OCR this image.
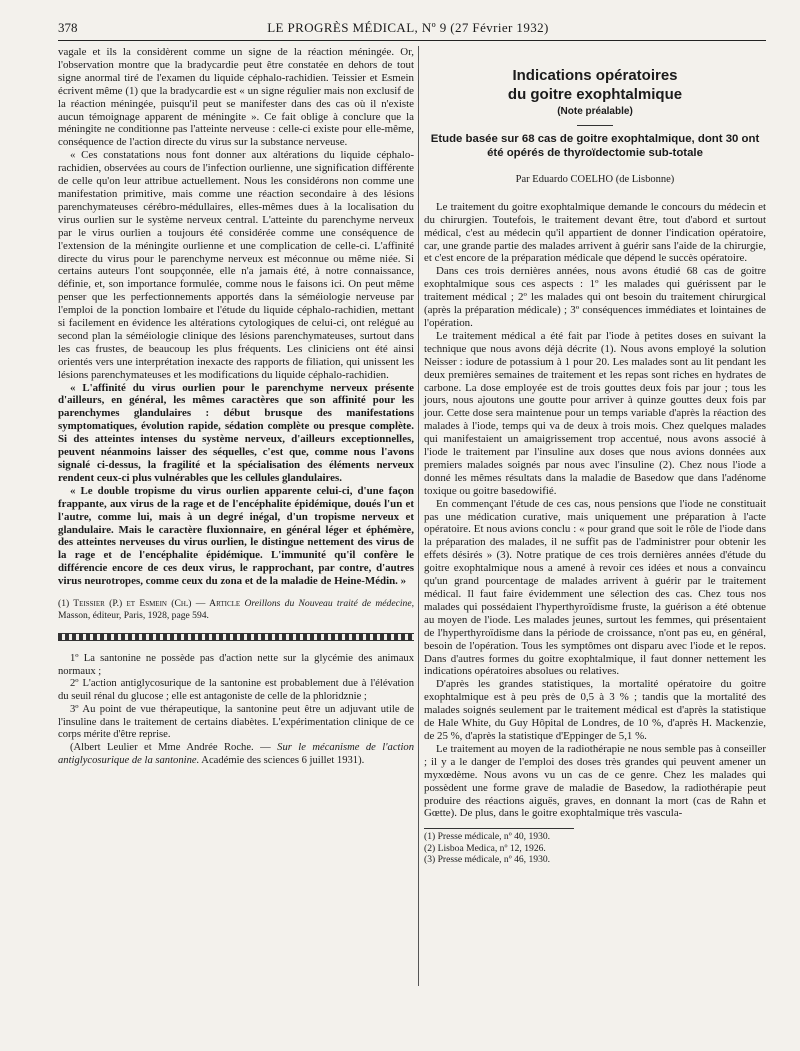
378	LE PROGRÈS MÉDICAL, Nº 9 (27 Février 1932)

vagale et ils la considèrent comme un signe de la réaction méningée. Or, l'observation montre que la bradycardie peut être constatée en dehors de tout signe anormal tiré de l'examen du liquide céphalo-rachidien. Teissier et Esmein écrivent même (1) que la bradycardie est « un signe régulier mais non exclusif de la réaction méningée, puisqu'il peut se manifester dans des cas où il n'existe aucun témoignage apparent de méningite ». Ce fait oblige à conclure que la méningite ne conditionne pas l'atteinte nerveuse : celle-ci existe pour elle-même, conséquence de l'action directe du virus sur la substance nerveuse.

« Ces constatations nous font donner aux altérations du liquide céphalo-rachidien, observées au cours de l'infection ourlienne, une signification différente de celle qu'on leur attribue actuellement. Nous les considérons non comme une manifestation primitive, mais comme une réaction secondaire à des lésions parenchymateuses cérébro-médullaires, elles-mêmes dues à la localisation du virus ourlien sur le système nerveux central. L'atteinte du parenchyme nerveux par le virus ourlien a toujours été considérée comme une conséquence de l'extension de la méningite ourlienne et une complication de celle-ci. L'affinité directe du virus pour le parenchyme nerveux est méconnue ou même niée. Si certains auteurs l'ont soupçonnée, elle n'a jamais été, à notre connaissance, définie, et, son importance formulée, comme nous le faisons ici. On peut même penser que les perfectionnements apportés dans la séméiologie nerveuse par l'emploi de la ponction lombaire et l'étude du liquide céphalo-rachidien, mettant si facilement en évidence les altérations cytologiques de celui-ci, ont relégué au second plan la séméiologie clinique des lésions parenchymateuses, surtout dans les cas frustes, de beaucoup les plus fréquents. Les cliniciens ont été ainsi orientés vers une interprétation inexacte des rapports de filiation, qui unissent les lésions parenchymateuses et les modifications du liquide céphalo-rachidien.

« L'affinité du virus ourlien pour le parenchyme nerveux présente d'ailleurs, en général, les mêmes caractères que son affinité pour les parenchymes glandulaires : début brusque des manifestations symptomatiques, évolution rapide, sédation complète ou presque complète. Si des atteintes intenses du système nerveux, d'ailleurs exceptionnelles, peuvent néanmoins laisser des séquelles, c'est que, comme nous l'avons signalé ci-dessus, la fragilité et la spécialisation des éléments nerveux rendent ceux-ci plus vulnérables que les cellules glandulaires.

« Le double tropisme du virus ourlien apparente celui-ci, d'une façon frappante, aux virus de la rage et de l'encéphalite épidémique, doués l'un et l'autre, comme lui, mais à un degré inégal, d'un tropisme nerveux et glandulaire. Mais le caractère fluxionnaire, en général léger et éphémère, des atteintes nerveuses du virus ourlien, le distingue nettement des virus de la rage et de l'encéphalite épidémique. L'immunité qu'il confère le différencie encore de ces deux virus, le rapprochant, par contre, d'autres virus neurotropes, comme ceux du zona et de la maladie de Heine-Médin. »

(1) Teissier (P.) et Esmein (Ch.) — Article Oreillons du Nouveau traité de médecine, Masson, éditeur, Paris, 1928, page 594.

1º La santonine ne possède pas d'action nette sur la glycémie des animaux normaux ;

2º L'action antiglycosurique de la santonine est probablement due à l'élévation du seuil rénal du glucose ; elle est antagoniste de celle de la phloridznie ;

3º Au point de vue thérapeutique, la santonine peut être un adjuvant utile de l'insuline dans le traitement de certains diabètes. L'expérimentation clinique de ce corps mérite d'être reprise.

(Albert Leulier et Mme Andrée Roche. — Sur le mécanisme de l'action antiglycosurique de la santonine. Académie des sciences 6 juillet 1931).

Indications opératoires
du goitre exophtalmique
(Note préalable)
Etude basée sur 68 cas de goitre exophtalmique, dont 30 ont été opérés de thyroïdectomie sub-totale
Par Eduardo COELHO (de Lisbonne)

Le traitement du goitre exophtalmique demande le concours du médecin et du chirurgien. Toutefois, le traitement devant être, tout d'abord et surtout médical, c'est au médecin qu'il appartient de donner l'indication opératoire, car, une grande partie des malades arrivent à guérir sans l'aide de la chirurgie, et c'est encore de la préparation médicale que dépend le succès opératoire.

Dans ces trois dernières années, nous avons étudié 68 cas de goitre exophtalmique sous ces aspects : 1º les malades qui guérissent par le traitement médical ; 2º les malades qui ont besoin du traitement chirurgical (après la préparation médicale) ; 3º conséquences immédiates et lointaines de l'opération.

Le traitement médical a été fait par l'iode à petites doses en suivant la technique que nous avons déjà décrite (1). Nous avons employé la solution Neisser : iodure de potassium à 1 pour 20. Les malades sont au lit pendant les deux premières semaines de traitement et les repas sont riches en hydrates de carbone. La dose employée est de trois gouttes deux fois par jour ; tous les jours, nous ajoutons une goutte pour arriver à quinze gouttes deux fois par jour. Cette dose sera maintenue pour un temps variable d'après la réaction des malades à l'iode, temps qui va de deux à trois mois. Chez quelques malades qui manifestaient un amaigrissement trop accentué, nous avons associé à l'iode le traitement par l'insuline aux doses que nous avions données aux premiers malades soignés par nous avec l'insuline (2). Chez nous l'iode a donné les mêmes résultats dans la maladie de Basedow que dans l'adénome toxique ou goitre basedowifié.

En commençant l'étude de ces cas, nous pensions que l'iode ne constituait pas une médication curative, mais uniquement une préparation à l'acte opératoire. Et nous avions conclu : « pour grand que soit le rôle de l'iode dans la préparation des malades, il ne suffit pas de l'administrer pour obtenir les effets désirés » (3). Notre pratique de ces trois dernières années d'étude du goitre exophtalmique nous a amené à revoir ces idées et nous a convaincu qu'un grand pourcentage de malades arrivent à guérir par le traitement médical. Il faut faire évidemment une sélection des cas. Chez tous nos malades qui possédaient l'hyperthyroïdisme fruste, la guérison a été obtenue au moyen de l'iode. Les malades jeunes, surtout les femmes, qui présentaient de l'hyperthyroïdisme dans la période de croissance, n'ont pas eu, en général, besoin de l'opération. Tous les symptômes ont disparu avec l'iode et le repos. Dans d'autres formes du goitre exophtalmique, il faut donner nettement les indications opératoires absolues ou relatives.

D'après les grandes statistiques, la mortalité opératoire du goitre exophtalmique est à peu près de 0,5 à 3 % ; tandis que la mortalité des malades soignés seulement par le traitement médical est d'après la statistique de Hale White, du Guy Hôpital de Londres, de 10 %, d'après H. Mackenzie, de 25 %, d'après la statistique d'Eppinger de 5,1 %.

Le traitement au moyen de la radiothérapie ne nous semble pas à conseiller ; il y a le danger de l'emploi des doses très grandes qui peuvent amener un myxœdème. Nous avons vu un cas de ce genre. Chez les malades qui possèdent une forme grave de maladie de Basedow, la radiothérapie peut produire des réactions aiguës, graves, en donnant la mort (cas de Rahn et Gœtte). De plus, dans le goitre exophtalmique très vascula-

(1) Presse médicale, nº 40, 1930.
(2) Lisboa Medica, nº 12, 1926.
(3) Presse médicale, nº 46, 1930.
